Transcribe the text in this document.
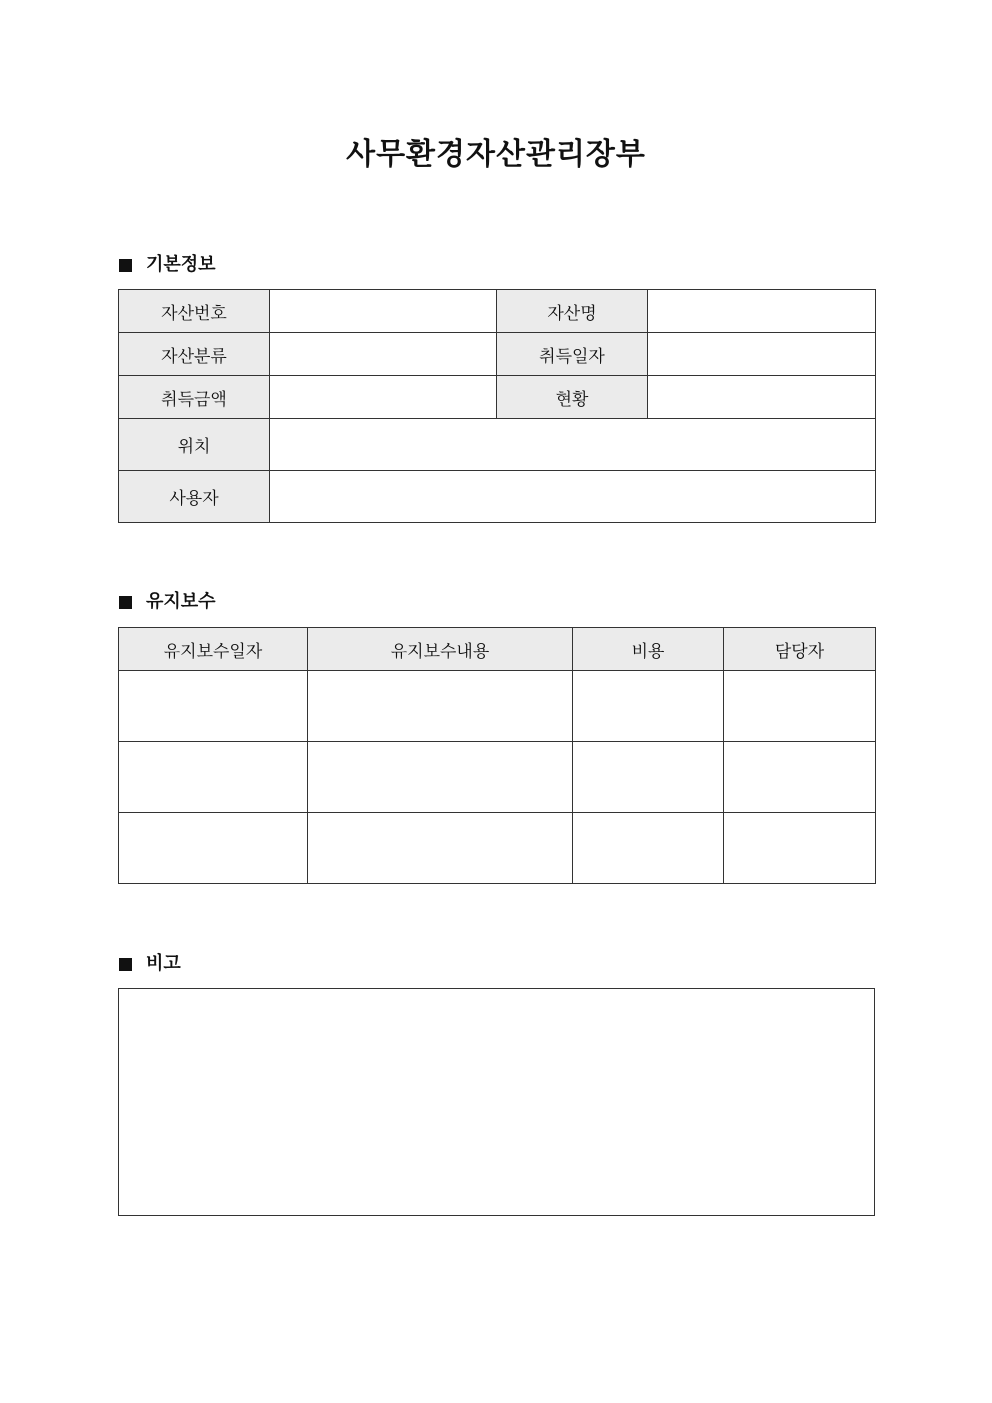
사무환경자산관리장부
기본정보
자산번호		자산명	
자산분류		취득일자	
취득금액		현황	
위치			
사용자			
유지보수
유지보수일자	유지보수내용	비용	담당자

비고
